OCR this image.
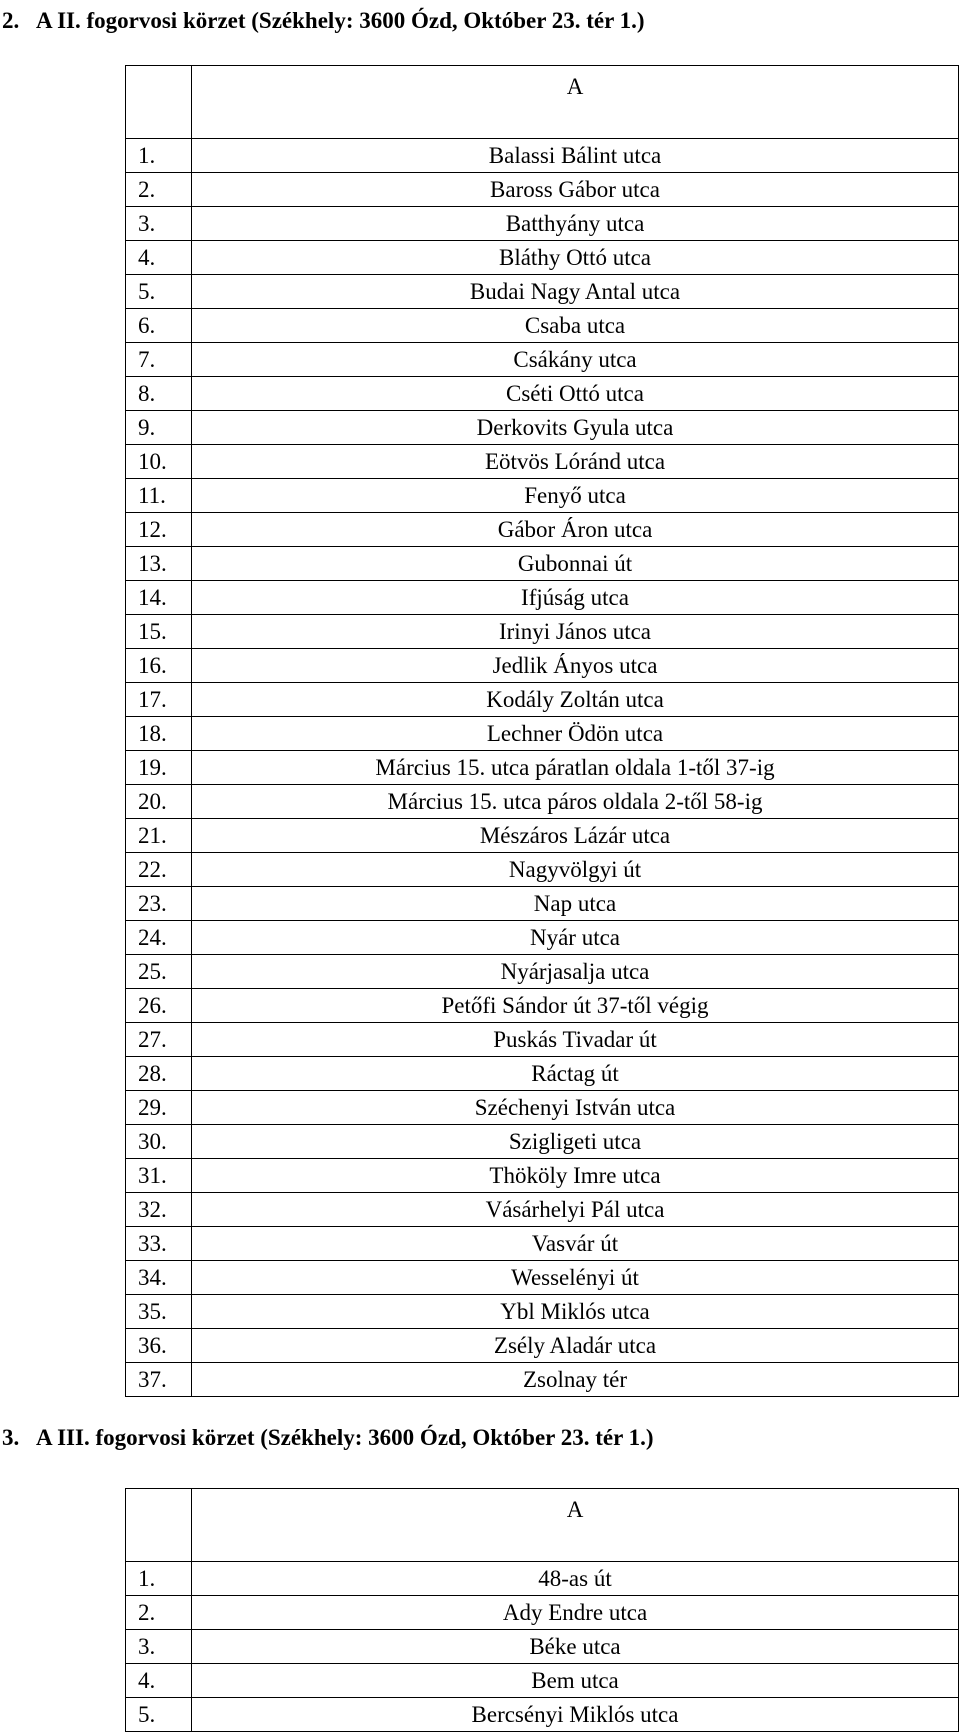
2. A II. fogorvosi körzet (Székhely: 3600 Ózd, Október 23. tér 1.)
	A
1.	Balassi Bálint utca
2.	Baross Gábor utca
3.	Batthyány utca
4.	Bláthy Ottó utca
5.	Budai Nagy Antal utca
6.	Csaba utca
7.	Csákány utca
8.	Cséti Ottó utca
9.	Derkovits Gyula utca
10.	Eötvös Lóránd utca
11.	Fenyő utca
12.	Gábor Áron utca
13.	Gubonnai út
14.	Ifjúság utca
15.	Irinyi János utca
16.	Jedlik Ányos utca
17.	Kodály Zoltán utca
18.	Lechner Ödön utca
19.	Március 15. utca páratlan oldala 1-től 37-ig
20.	Március 15. utca páros oldala 2-től 58-ig
21.	Mészáros Lázár utca
22.	Nagyvölgyi út
23.	Nap utca
24.	Nyár utca
25.	Nyárjasalja utca
26.	Petőfi Sándor út 37-től végig
27.	Puskás Tivadar út
28.	Ráctag út
29.	Széchenyi István utca
30.	Szigligeti utca
31.	Thököly Imre utca
32.	Vásárhelyi Pál utca
33.	Vasvár út
34.	Wesselényi út
35.	Ybl Miklós utca
36.	Zsély Aladár utca
37.	Zsolnay tér
3. A III. fogorvosi körzet (Székhely: 3600 Ózd, Október 23. tér 1.)
	A
1.	48-as út
2.	Ady Endre utca
3.	Béke utca
4.	Bem utca
5.	Bercsényi Miklós utca
